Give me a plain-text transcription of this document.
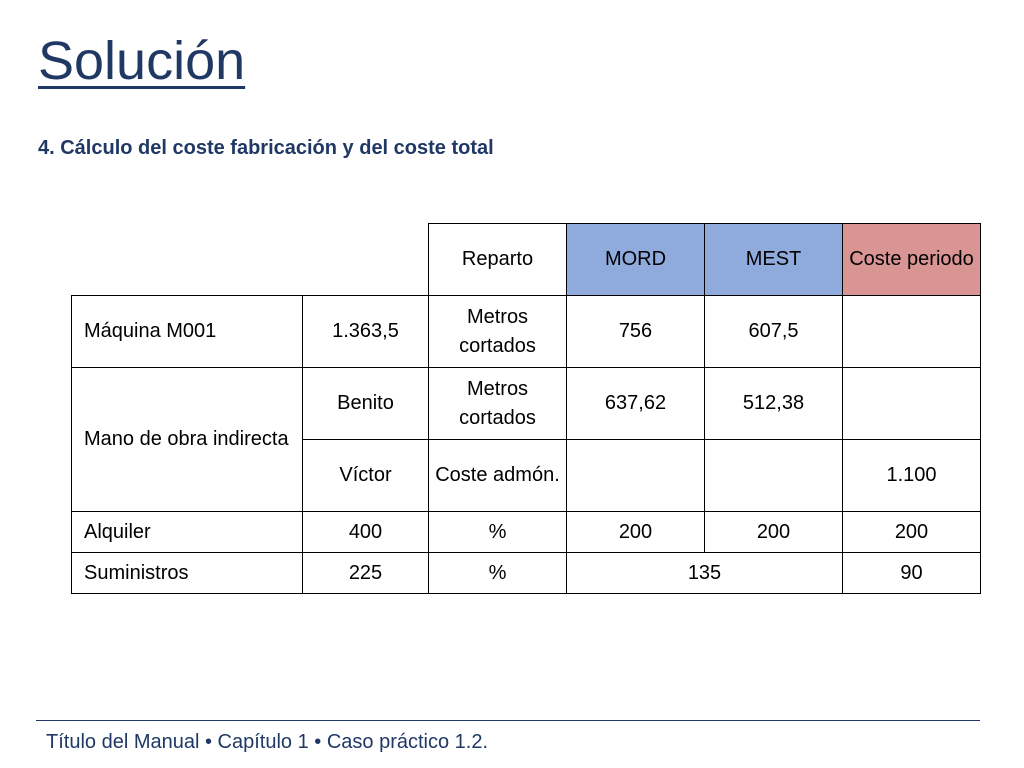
Solución
4. Cálculo del coste fabricación y del coste total
		Reparto	MORD	MEST	Coste periodo
Máquina M001	1.363,5	Metros cortados	756	607,5	
Mano de obra indirecta	Benito	Metros cortados	637,62	512,38	
	Víctor	Coste admón.			1.100
Alquiler	400	%	200	200	200
Suministros	225	%	135		90

Título del Manual • Capítulo 1 • Caso práctico 1.2.
